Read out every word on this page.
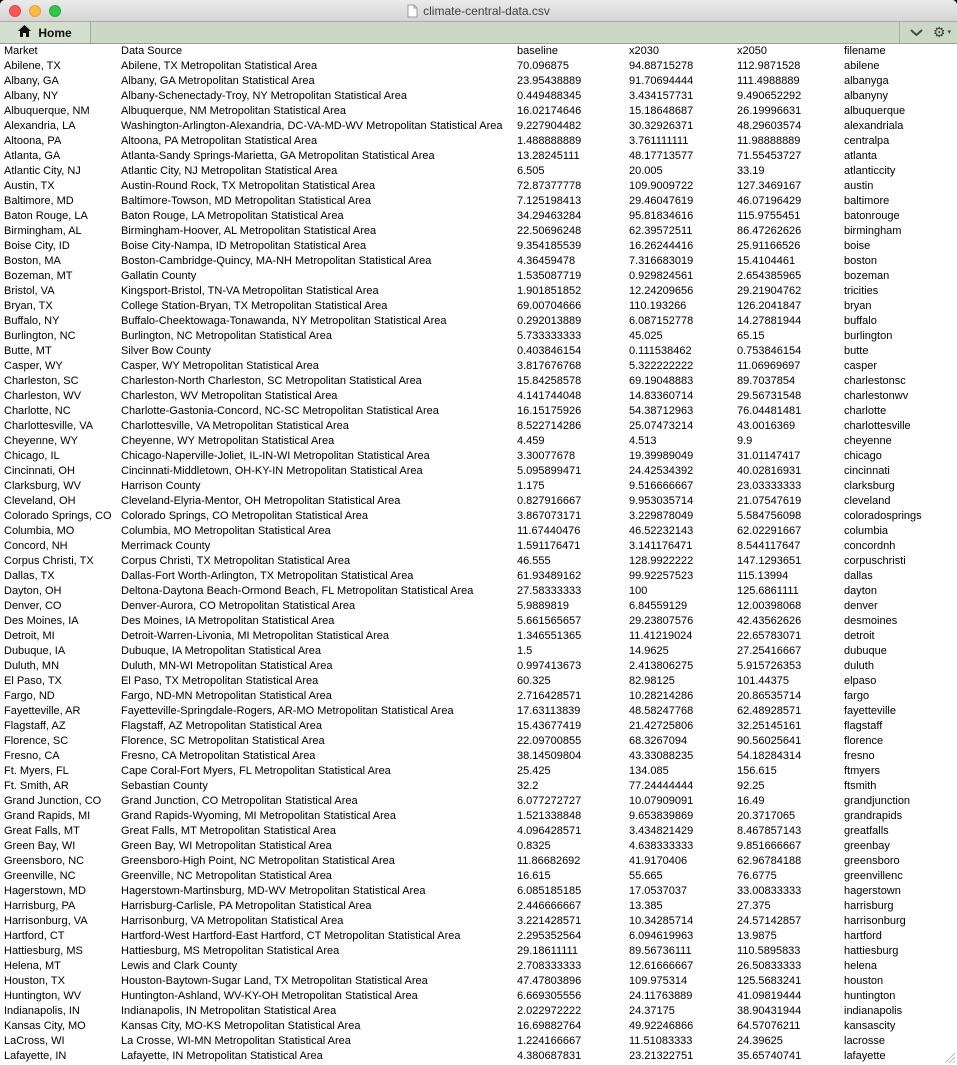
climate-central-data.csv
Home	⚙ ▾
Market	Data Source	baseline	x2030	x2050	filename
Abilene, TX	Abilene, TX Metropolitan Statistical Area	70.096875	94.88715278	112.9871528	abilene
Albany, GA	Albany, GA Metropolitan Statistical Area	23.95438889	91.70694444	111.4988889	albanyga
Albany, NY	Albany-Schenectady-Troy, NY Metropolitan Statistical Area	0.449488345	3.434157731	9.490652292	albanyny
Albuquerque, NM	Albuquerque, NM Metropolitan Statistical Area	16.02174646	15.18648687	26.19996631	albuquerque
Alexandria, LA	Washington-Arlington-Alexandria, DC-VA-MD-WV Metropolitan Statistical Area	9.227904482	30.32926371	48.29603574	alexandriala
Altoona, PA	Altoona, PA Metropolitan Statistical Area	1.488888889	3.761111111	11.98888889	centralpa
Atlanta, GA	Atlanta-Sandy Springs-Marietta, GA Metropolitan Statistical Area	13.28245111	48.17713577	71.55453727	atlanta
Atlantic City, NJ	Atlantic City, NJ Metropolitan Statistical Area	6.505	20.005	33.19	atlanticcity
Austin, TX	Austin-Round Rock, TX Metropolitan Statistical Area	72.87377778	109.9009722	127.3469167	austin
Baltimore, MD	Baltimore-Towson, MD Metropolitan Statistical Area	7.125198413	29.46047619	46.07196429	baltimore
Baton Rouge, LA	Baton Rouge, LA Metropolitan Statistical Area	34.29463284	95.81834616	115.9755451	batonrouge
Birmingham, AL	Birmingham-Hoover, AL Metropolitan Statistical Area	22.50696248	62.39572511	86.47262626	birmingham
Boise City, ID	Boise City-Nampa, ID Metropolitan Statistical Area	9.354185539	16.26244416	25.91166526	boise
Boston, MA	Boston-Cambridge-Quincy, MA-NH Metropolitan Statistical Area	4.36459478	7.316683019	15.4104461	boston
Bozeman, MT	Gallatin County	1.535087719	0.929824561	2.654385965	bozeman
Bristol, VA	Kingsport-Bristol, TN-VA Metropolitan Statistical Area	1.901851852	12.24209656	29.21904762	tricities
Bryan, TX	College Station-Bryan, TX Metropolitan Statistical Area	69.00704666	110.193266	126.2041847	bryan
Buffalo, NY	Buffalo-Cheektowaga-Tonawanda, NY Metropolitan Statistical Area	0.292013889	6.087152778	14.27881944	buffalo
Burlington, NC	Burlington, NC Metropolitan Statistical Area	5.733333333	45.025	65.15	burlington
Butte, MT	Silver Bow County	0.403846154	0.111538462	0.753846154	butte
Casper, WY	Casper, WY Metropolitan Statistical Area	3.817676768	5.322222222	11.06969697	casper
Charleston, SC	Charleston-North Charleston, SC Metropolitan Statistical Area	15.84258578	69.19048883	89.7037854	charlestonsc
Charleston, WV	Charleston, WV Metropolitan Statistical Area	4.141744048	14.83360714	29.56731548	charlestonwv
Charlotte, NC	Charlotte-Gastonia-Concord, NC-SC Metropolitan Statistical Area	16.15175926	54.38712963	76.04481481	charlotte
Charlottesville, VA	Charlottesville, VA Metropolitan Statistical Area	8.522714286	25.07473214	43.0016369	charlottesville
Cheyenne, WY	Cheyenne, WY Metropolitan Statistical Area	4.459	4.513	9.9	cheyenne
Chicago, IL	Chicago-Naperville-Joliet, IL-IN-WI Metropolitan Statistical Area	3.30077678	19.39989049	31.01147417	chicago
Cincinnati, OH	Cincinnati-Middletown, OH-KY-IN Metropolitan Statistical Area	5.095899471	24.42534392	40.02816931	cincinnati
Clarksburg, WV	Harrison County	1.175	9.516666667	23.03333333	clarksburg
Cleveland, OH	Cleveland-Elyria-Mentor, OH Metropolitan Statistical Area	0.827916667	9.953035714	21.07547619	cleveland
Colorado Springs, CO	Colorado Springs, CO Metropolitan Statistical Area	3.867073171	3.229878049	5.584756098	coloradosprings
Columbia, MO	Columbia, MO Metropolitan Statistical Area	11.67440476	46.52232143	62.02291667	columbia
Concord, NH	Merrimack County	1.591176471	3.141176471	8.544117647	concordnh
Corpus Christi, TX	Corpus Christi, TX Metropolitan Statistical Area	46.555	128.9922222	147.1293651	corpuschristi
Dallas, TX	Dallas-Fort Worth-Arlington, TX Metropolitan Statistical Area	61.93489162	99.92257523	115.13994	dallas
Dayton, OH	Deltona-Daytona Beach-Ormond Beach, FL Metropolitan Statistical Area	27.58333333	100	125.6861111	dayton
Denver, CO	Denver-Aurora, CO Metropolitan Statistical Area	5.9889819	6.84559129	12.00398068	denver
Des Moines, IA	Des Moines, IA Metropolitan Statistical Area	5.661565657	29.23807576	42.43562626	desmoines
Detroit, MI	Detroit-Warren-Livonia, MI Metropolitan Statistical Area	1.346551365	11.41219024	22.65783071	detroit
Dubuque, IA	Dubuque, IA Metropolitan Statistical Area	1.5	14.9625	27.25416667	dubuque
Duluth, MN	Duluth, MN-WI Metropolitan Statistical Area	0.997413673	2.413806275	5.915726353	duluth
El Paso, TX	El Paso, TX Metropolitan Statistical Area	60.325	82.98125	101.44375	elpaso
Fargo, ND	Fargo, ND-MN Metropolitan Statistical Area	2.716428571	10.28214286	20.86535714	fargo
Fayetteville, AR	Fayetteville-Springdale-Rogers, AR-MO Metropolitan Statistical Area	17.63113839	48.58247768	62.48928571	fayetteville
Flagstaff, AZ	Flagstaff, AZ Metropolitan Statistical Area	15.43677419	21.42725806	32.25145161	flagstaff
Florence, SC	Florence, SC Metropolitan Statistical Area	22.09700855	68.3267094	90.56025641	florence
Fresno, CA	Fresno, CA Metropolitan Statistical Area	38.14509804	43.33088235	54.18284314	fresno
Ft. Myers, FL	Cape Coral-Fort Myers, FL Metropolitan Statistical Area	25.425	134.085	156.615	ftmyers
Ft. Smith, AR	Sebastian County	32.2	77.24444444	92.25	ftsmith
Grand Junction, CO	Grand Junction, CO Metropolitan Statistical Area	6.077272727	10.07909091	16.49	grandjunction
Grand Rapids, MI	Grand Rapids-Wyoming, MI Metropolitan Statistical Area	1.521338848	9.653839869	20.3717065	grandrapids
Great Falls, MT	Great Falls, MT Metropolitan Statistical Area	4.096428571	3.434821429	8.467857143	greatfalls
Green Bay, WI	Green Bay, WI Metropolitan Statistical Area	0.8325	4.638333333	9.851666667	greenbay
Greensboro, NC	Greensboro-High Point, NC Metropolitan Statistical Area	11.86682692	41.9170406	62.96784188	greensboro
Greenville, NC	Greenville, NC Metropolitan Statistical Area	16.615	55.665	76.6775	greenvillenc
Hagerstown, MD	Hagerstown-Martinsburg, MD-WV Metropolitan Statistical Area	6.085185185	17.0537037	33.00833333	hagerstown
Harrisburg, PA	Harrisburg-Carlisle, PA Metropolitan Statistical Area	2.446666667	13.385	27.375	harrisburg
Harrisonburg, VA	Harrisonburg, VA Metropolitan Statistical Area	3.221428571	10.34285714	24.57142857	harrisonburg
Hartford, CT	Hartford-West Hartford-East Hartford, CT Metropolitan Statistical Area	2.295352564	6.094619963	13.9875	hartford
Hattiesburg, MS	Hattiesburg, MS Metropolitan Statistical Area	29.18611111	89.56736111	110.5895833	hattiesburg
Helena, MT	Lewis and Clark County	2.708333333	12.61666667	26.50833333	helena
Houston, TX	Houston-Baytown-Sugar Land, TX Metropolitan Statistical Area	47.47803896	109.975314	125.5683241	houston
Huntington, WV	Huntington-Ashland, WV-KY-OH Metropolitan Statistical Area	6.669305556	24.11763889	41.09819444	huntington
Indianapolis, IN	Indianapolis, IN Metropolitan Statistical Area	2.022972222	24.37175	38.90431944	indianapolis
Kansas City, MO	Kansas City, MO-KS Metropolitan Statistical Area	16.69882764	49.92246866	64.57076211	kansascity
LaCross, WI	La Crosse, WI-MN Metropolitan Statistical Area	1.224166667	11.51083333	24.39625	lacrosse
Lafayette, IN	Lafayette, IN Metropolitan Statistical Area	4.380687831	23.21322751	35.65740741	lafayette
